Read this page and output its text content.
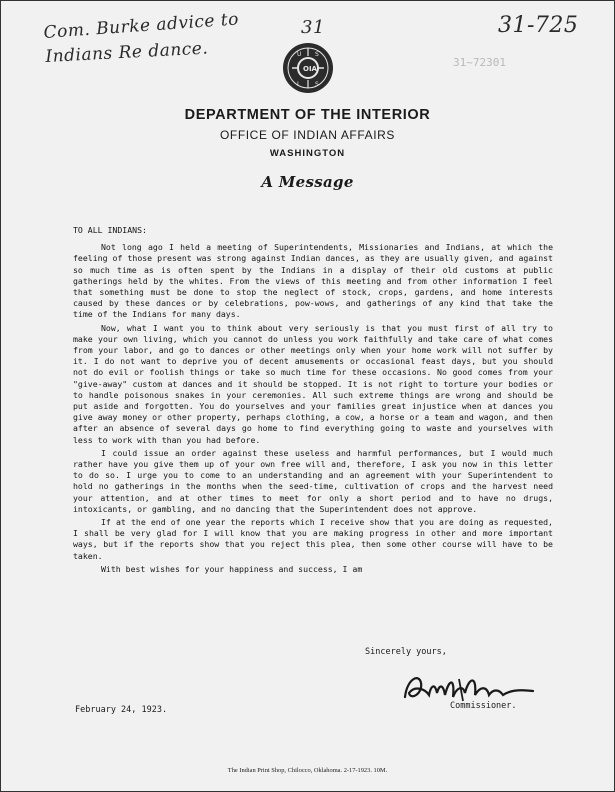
Com. Burke advice to
Indians Re dance.
31	31-725
31~72301
U S
I	S
OIA
DEPARTMENT OF THE INTERIOR
OFFICE OF INDIAN AFFAIRS
WASHINGTON
A Message

TO ALL INDIANS:

Not long ago I held a meeting of Superintendents, Missionaries and Indians, at which the feeling of those present was strong against Indian dances, as they are usually given, and against so much time as is often spent by the Indians in a display of their old customs at public gatherings held by the whites. From the views of this meeting and from other information I feel that something must be done to stop the neglect of stock, crops, gardens, and home interests caused by these dances or by celebrations, pow-wows, and gatherings of any kind that take the time of the Indians for many days.

Now, what I want you to think about very seriously is that you must first of all try to make your own living, which you cannot do unless you work faithfully and take care of what comes from your labor, and go to dances or other meetings only when your home work will not suffer by it. I do not want to deprive you of decent amusements or occasional feast days, but you should not do evil or foolish things or take so much time for these occasions. No good comes from your "give-away" custom at dances and it should be stopped. It is not right to torture your bodies or to handle poisonous snakes in your ceremonies. All such extreme things are wrong and should be put aside and forgotten. You do yourselves and your families great injustice when at dances you give away money or other property, perhaps clothing, a cow, a horse or a team and wagon, and then after an absence of several days go home to find everything going to waste and yourselves with less to work with than you had before.

I could issue an order against these useless and harmful performances, but I would much rather have you give them up of your own free will and, therefore, I ask you now in this letter to do so. I urge you to come to an understanding and an agreement with your Superintendent to hold no gatherings in the months when the seed-time, cultivation of crops and the harvest need your attention, and at other times to meet for only a short period and to have no drugs, intoxicants, or gambling, and no dancing that the Superintendent does not approve.

If at the end of one year the reports which I receive show that you are doing as requested, I shall be very glad for I will know that you are making progress in other and more important ways, but if the reports show that you reject this plea, then some other course will have to be taken.

With best wishes for your happiness and success, I am

Sincerely yours,
Commissioner.
February 24, 1923.
The Indian Print Shop, Chilocco, Oklahoma. 2-17-1923. 10M.
